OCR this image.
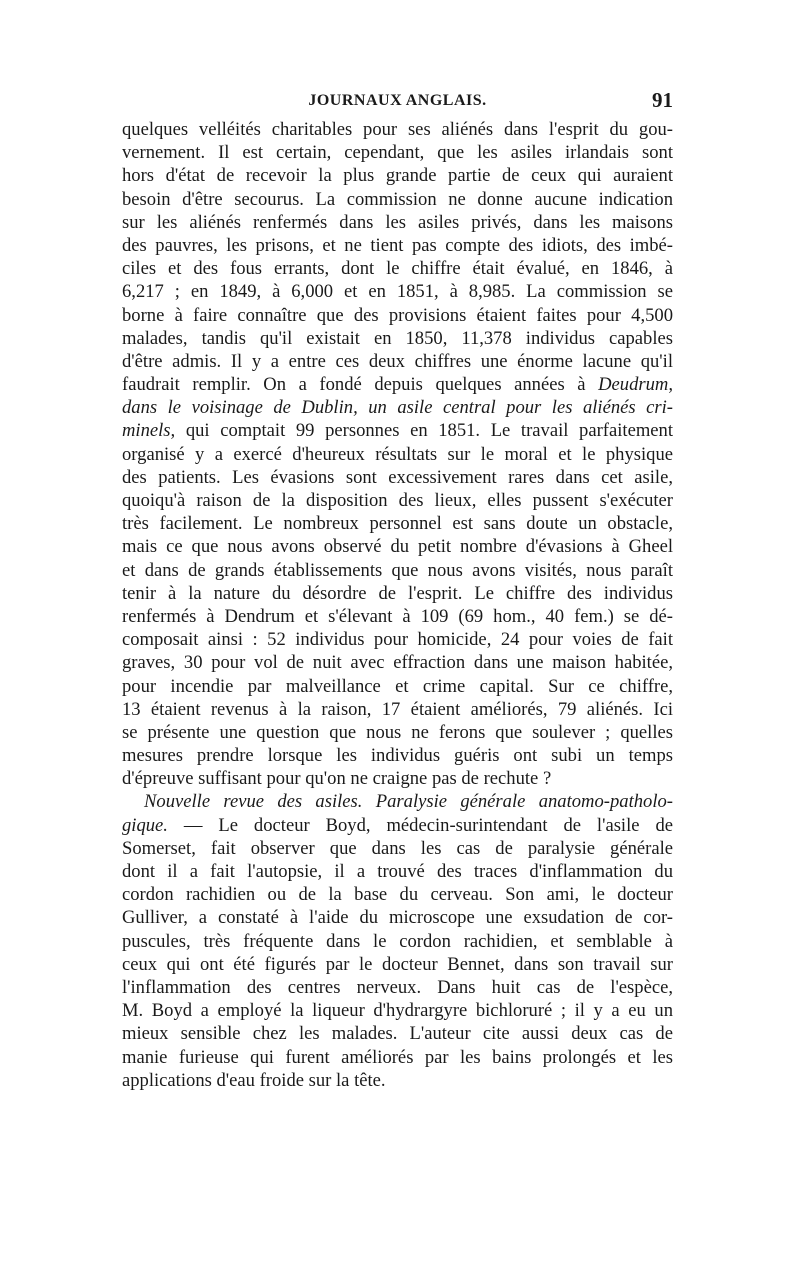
JOURNAUX ANGLAIS.	91
quelques velléités charitables pour ses aliénés dans l'esprit du gou-
vernement. Il est certain, cependant, que les asiles irlandais sont
hors d'état de recevoir la plus grande partie de ceux qui auraient
besoin d'être secourus. La commission ne donne aucune indication
sur les aliénés renfermés dans les asiles privés, dans les maisons
des pauvres, les prisons, et ne tient pas compte des idiots, des imbé-
ciles et des fous errants, dont le chiffre était évalué, en 1846, à
6,217 ; en 1849, à 6,000 et en 1851, à 8,985. La commission se
borne à faire connaître que des provisions étaient faites pour 4,500
malades, tandis qu'il existait en 1850, 11,378 individus capables
d'être admis. Il y a entre ces deux chiffres une énorme lacune qu'il
faudrait remplir. On a fondé depuis quelques années à Deudrum,
dans le voisinage de Dublin, un asile central pour les aliénés cri-
minels, qui comptait 99 personnes en 1851. Le travail parfaitement
organisé y a exercé d'heureux résultats sur le moral et le physique
des patients. Les évasions sont excessivement rares dans cet asile,
quoiqu'à raison de la disposition des lieux, elles pussent s'exécuter
très facilement. Le nombreux personnel est sans doute un obstacle,
mais ce que nous avons observé du petit nombre d'évasions à Gheel
et dans de grands établissements que nous avons visités, nous paraît
tenir à la nature du désordre de l'esprit. Le chiffre des individus
renfermés à Dendrum et s'élevant à 109 (69 hom., 40 fem.) se dé-
composait ainsi : 52 individus pour homicide, 24 pour voies de fait
graves, 30 pour vol de nuit avec effraction dans une maison habitée,
pour incendie par malveillance et crime capital. Sur ce chiffre,
13 étaient revenus à la raison, 17 étaient améliorés, 79 aliénés. Ici
se présente une question que nous ne ferons que soulever ; quelles
mesures prendre lorsque les individus guéris ont subi un temps
d'épreuve suffisant pour qu'on ne craigne pas de rechute ?
Nouvelle revue des asiles. Paralysie générale anatomo-patholo-
gique. — Le docteur Boyd, médecin-surintendant de l'asile de
Somerset, fait observer que dans les cas de paralysie générale
dont il a fait l'autopsie, il a trouvé des traces d'inflammation du
cordon rachidien ou de la base du cerveau. Son ami, le docteur
Gulliver, a constaté à l'aide du microscope une exsudation de cor-
puscules, très fréquente dans le cordon rachidien, et semblable à
ceux qui ont été figurés par le docteur Bennet, dans son travail sur
l'inflammation des centres nerveux. Dans huit cas de l'espèce,
M. Boyd a employé la liqueur d'hydrargyre bichloruré ; il y a eu un
mieux sensible chez les malades. L'auteur cite aussi deux cas de
manie furieuse qui furent améliorés par les bains prolongés et les
applications d'eau froide sur la tête.
